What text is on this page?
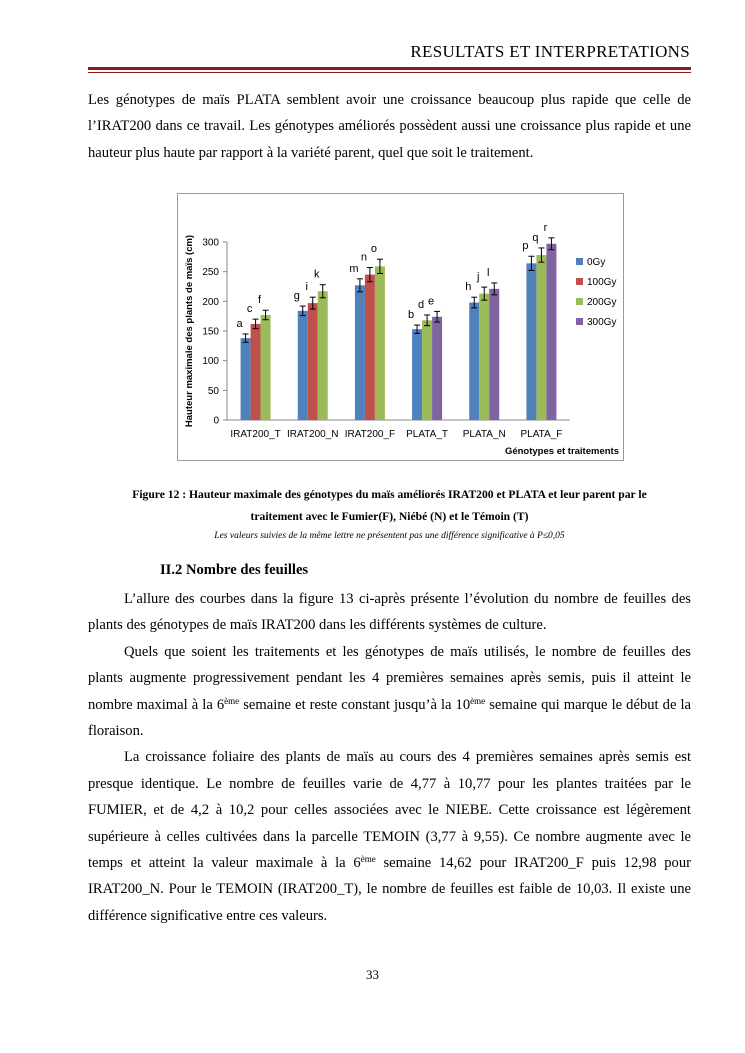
RESULTATS ET INTERPRETATIONS

Les génotypes de maïs PLATA semblent avoir une croissance beaucoup plus rapide que celle de l’IRAT200 dans ce travail. Les génotypes améliorés possèdent aussi une croissance plus rapide et une hauteur plus haute par rapport à la variété parent, quel que soit le traitement.

0
50
100
150
200
250
300
a
c
f
IRAT200_T
g
i
k
IRAT200_N
m
n
o
IRAT200_F
b
d e
PLATA_T
h
j l
PLATA_N
p
q
r
PLATA_F
Génotypes et traitements
Hauteur maximale des plants de maïs (cm)	0Gy
100Gy
200Gy
300Gy
Figure 12 : Hauteur maximale des génotypes du maïs améliorés IRAT200 et PLATA et leur parent par le
traitement avec le Fumier(F), Niébé (N) et le Témoin (T)
Les valeurs suivies de la même lettre ne présentent pas une différence significative à P≤0,05
II.2 Nombre des feuilles

L’allure des courbes dans la figure 13 ci-après présente l’évolution du nombre de feuilles des plants des génotypes de maïs IRAT200 dans les différents systèmes de culture.

Quels que soient les traitements et les génotypes de maïs utilisés, le nombre de feuilles des plants augmente progressivement pendant les 4 premières semaines après semis, puis il atteint le nombre maximal à la 6ème semaine et reste constant jusqu’à la 10ème semaine qui marque le début de la floraison.

La croissance foliaire des plants de maïs au cours des 4 premières semaines après semis est presque identique. Le nombre de feuilles varie de 4,77 à 10,77 pour les plantes traitées par le FUMIER, et de 4,2 à 10,2 pour celles associées avec le NIEBE. Cette croissance est légèrement supérieure à celles cultivées dans la parcelle TEMOIN (3,77 à 9,55). Ce nombre augmente avec le temps et atteint la valeur maximale à la 6ème semaine 14,62 pour IRAT200_F puis 12,98 pour IRAT200_N. Pour le TEMOIN (IRAT200_T), le nombre de feuilles est faible de 10,03. Il existe une différence significative entre ces valeurs.

33
